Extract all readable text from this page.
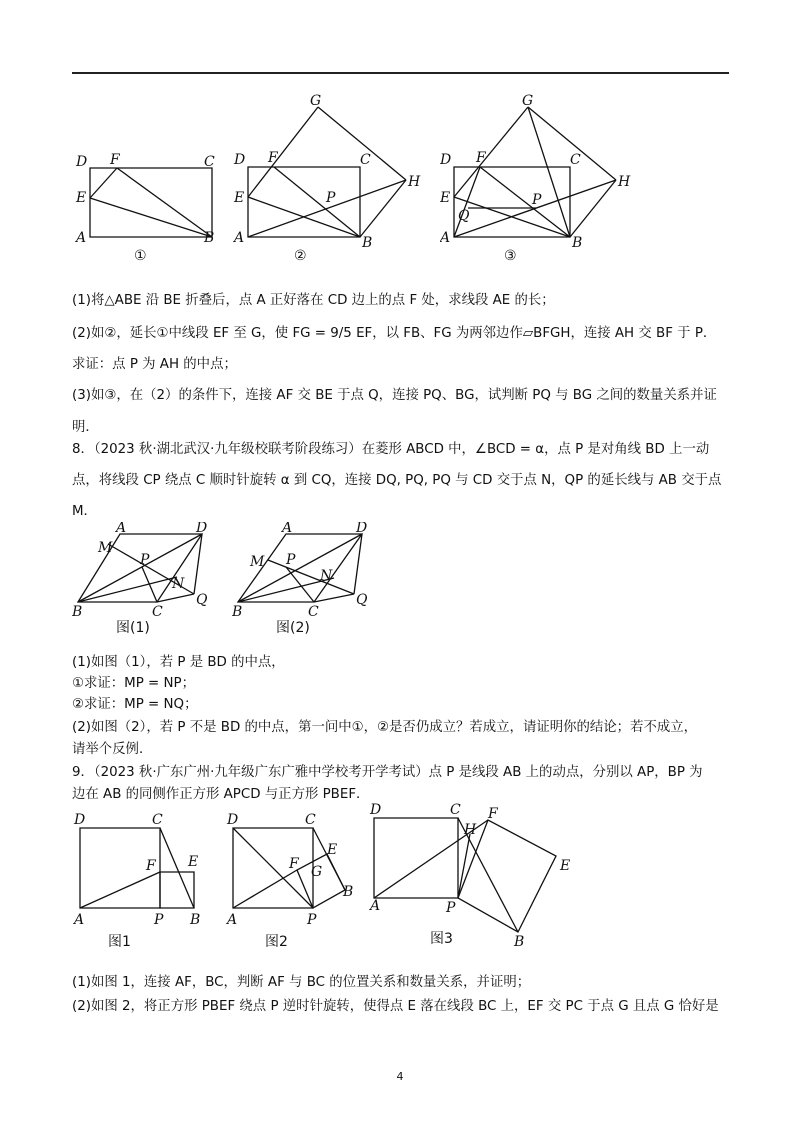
D F	C
E
A	B
①
G
D F	C
H
E	P
A	B
②
G
D F	C
H
E
Q
P
A	B
③
(1)将△ABE 沿 BE 折叠后，点 A 正好落在 CD 边上的点 F 处，求线段 AE 的长；
(2)如②，延长①中线段 EF 至 G，使 FG = 9/5 EF，以 FB、FG 为两邻边作▱BFGH，连接 AH 交 BF 于 P．
求证：点 P 为 AH 的中点；
(3)如③，在（2）的条件下，连接 AF 交 BE 于点 Q，连接 PQ、BG，试判断 PQ 与 BG 之间的数量关系并证
明．
8．（2023 秋·湖北武汉·九年级校联考阶段练习）在菱形 ABCD 中，∠BCD = α，点 P 是对角线 BD 上一动
点，将线段 CP 绕点 C 顺时针旋转 α 到 CQ，连接 DQ, PQ, PQ 与 CD 交于点 N，QP 的延长线与 AB 交于点
M．
A	D
M
P
N
B	C
Q
图(1)
A	D
M P
N
B	C
Q
图(2)
(1)如图（1），若 P 是 BD 的中点，
①求证：MP = NP；
②求证：MP = NQ；
(2)如图（2），若 P 不是 BD 的中点，第一问中①，②是否仍成立？若成立，请证明你的结论；若不成立，
请举个反例．
9．（2023 秋·广东广州·九年级广东广雅中学校考开学考试）点 P 是线段 AB 上的动点，分别以 AP，BP 为
边在 AB 的同侧作正方形 APCD 与正方形 PBEF．
D	C
F E
A	P B
图1
D	C
E
F G
B
A	P
图2
D	C
H
F
E
A	P
B
图3
(1)如图 1，连接 AF，BC，判断 AF 与 BC 的位置关系和数量关系，并证明；
(2)如图 2，将正方形 PBEF 绕点 P 逆时针旋转，使得点 E 落在线段 BC 上，EF 交 PC 于点 G 且点 G 恰好是
4
